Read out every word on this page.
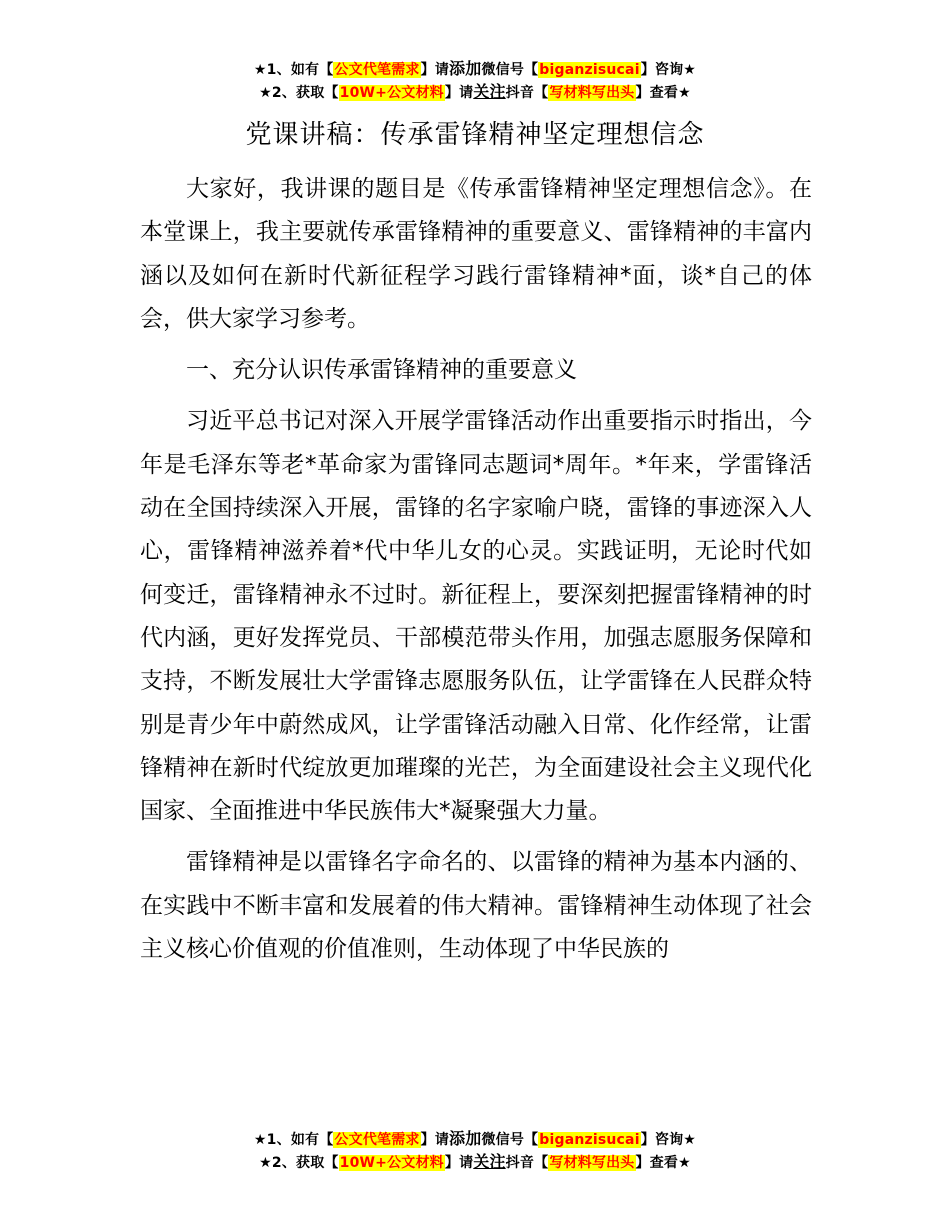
★1、如有【公文代笔需求】请添加微信号【biganzisucai】咨询★
★2、获取【10W+公文材料】请关注抖音【写材料写出头】查看★
党课讲稿：传承雷锋精神坚定理想信念

大家好，我讲课的题目是《传承雷锋精神坚定理想信念》。在本堂课上，我主要就传承雷锋精神的重要意义、雷锋精神的丰富内涵以及如何在新时代新征程学习践行雷锋精神*面，谈*自己的体会，供大家学习参考。

一、充分认识传承雷锋精神的重要意义

习近平总书记对深入开展学雷锋活动作出重要指示时指出，今年是毛泽东等老*革命家为雷锋同志题词*周年。*年来，学雷锋活动在全国持续深入开展，雷锋的名字家喻户晓，雷锋的事迹深入人心，雷锋精神滋养着*代中华儿女的心灵。实践证明，无论时代如何变迁，雷锋精神永不过时。新征程上，要深刻把握雷锋精神的时代内涵，更好发挥党员、干部模范带头作用，加强志愿服务保障和支持，不断发展壮大学雷锋志愿服务队伍，让学雷锋在人民群众特别是青少年中蔚然成风，让学雷锋活动融入日常、化作经常，让雷锋精神在新时代绽放更加璀璨的光芒，为全面建设社会主义现代化国家、全面推进中华民族伟大*凝聚强大力量。

雷锋精神是以雷锋名字命名的、以雷锋的精神为基本内涵的、在实践中不断丰富和发展着的伟大精神。雷锋精神生动体现了社会主义核心价值观的价值准则，生动体现了中华民族的

★1、如有【公文代笔需求】请添加微信号【biganzisucai】咨询★
★2、获取【10W+公文材料】请关注抖音【写材料写出头】查看★
